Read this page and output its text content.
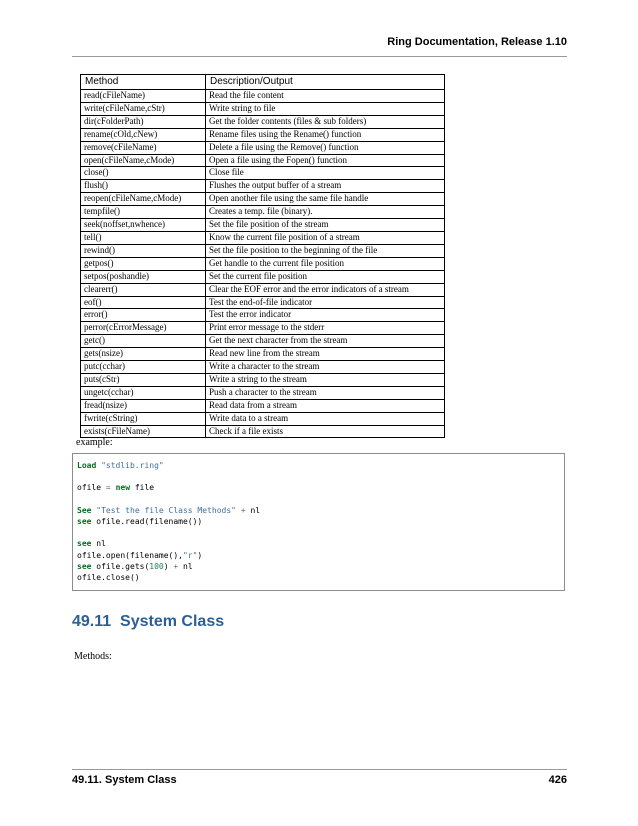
Ring Documentation, Release 1.10
Method	Description/Output
read(cFileName)	Read the file content
write(cFileName,cStr)	Write string to file
dir(cFolderPath)	Get the folder contents (files & sub folders)
rename(cOld,cNew)	Rename files using the Rename() function
remove(cFileName)	Delete a file using the Remove() function
open(cFileName,cMode)	Open a file using the Fopen() function
close()	Close file
flush()	Flushes the output buffer of a stream
reopen(cFileName,cMode)	Open another file using the same file handle
tempfile()	Creates a temp. file (binary).
seek(noffset,nwhence)	Set the file position of the stream
tell()	Know the current file position of a stream
rewind()	Set the file position to the beginning of the file
getpos()	Get handle to the current file position
setpos(poshandle)	Set the current file position
clearerr()	Clear the EOF error and the error indicators of a stream
eof()	Test the end-of-file indicator
error()	Test the error indicator
perror(cErrorMessage)	Print error message to the stderr
getc()	Get the next character from the stream
gets(nsize)	Read new line from the stream
putc(cchar)	Write a character to the stream
puts(cStr)	Write a string to the stream
ungetc(cchar)	Push a character to the stream
fread(nsize)	Read data from a stream
fwrite(cString)	Write data to a stream
exists(cFileName)	Check if a file exists
example:
Load "stdlib.ring"

ofile = new file

See "Test the file Class Methods" + nl
see ofile.read(filename())

see nl
ofile.open(filename(),"r")
see ofile.gets(100) + nl
ofile.close()
49.11 System Class
Methods:
49.11. System Class	426
